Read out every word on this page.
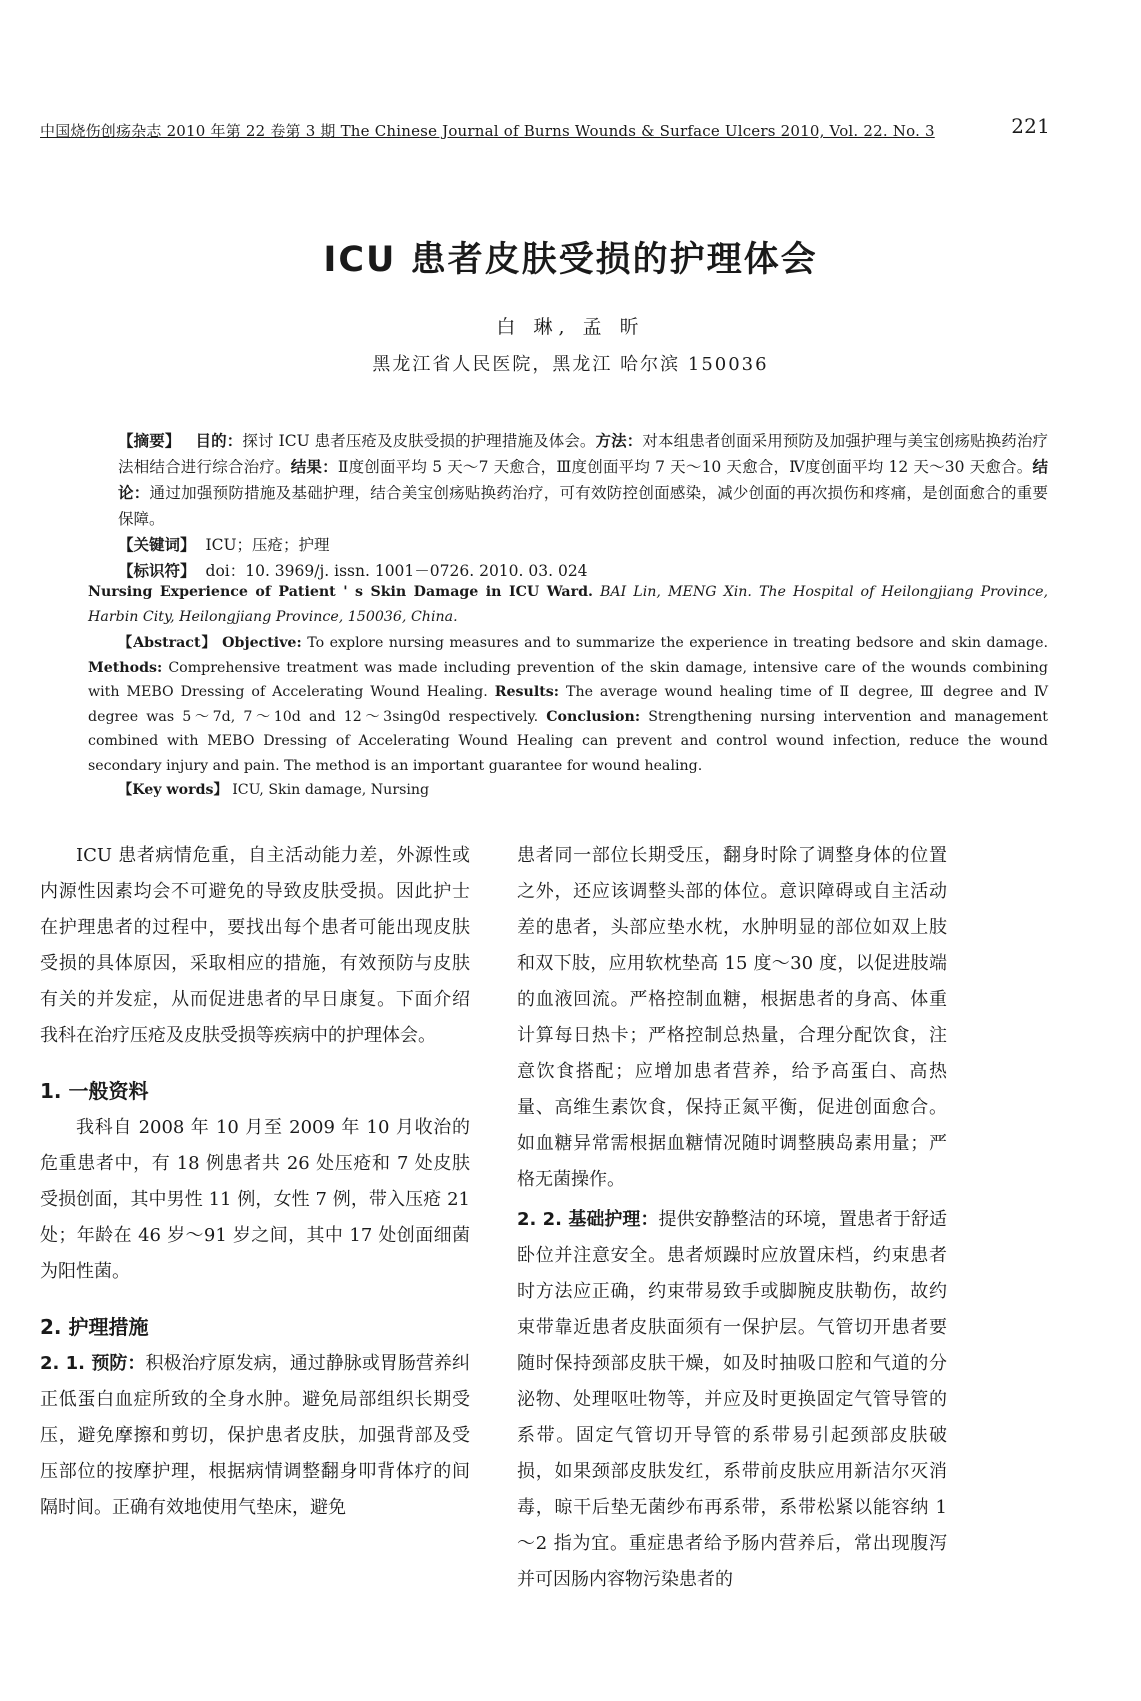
中国烧伤创疡杂志 2010 年第 22 卷第 3 期 The Chinese Journal of Burns Wounds & Surface Ulcers 2010, Vol. 22. No. 3	221
ICU 患者皮肤受损的护理体会
白 琳, 孟 昕
黑龙江省人民医院，黑龙江 哈尔滨 150036
【摘要】 目的：探讨 ICU 患者压疮及皮肤受损的护理措施及体会。方法：对本组患者创面采用预防及加强护理与美宝创疡贴换药治疗法相结合进行综合治疗。结果：Ⅱ度创面平均 5 天～7 天愈合，Ⅲ度创面平均 7 天～10 天愈合，Ⅳ度创面平均 12 天～30 天愈合。结论：通过加强预防措施及基础护理，结合美宝创疡贴换药治疗，可有效防控创面感染，减少创面的再次损伤和疼痛，是创面愈合的重要保障。
【关键词】 ICU；压疮；护理
【标识符】 doi：10. 3969/j. issn. 1001－0726. 2010. 03. 024
Nursing Experience of Patient ' s Skin Damage in ICU Ward. BAI Lin, MENG Xin. The Hospital of Heilongjiang Province, Harbin City, Heilongjiang Province, 150036, China.
【Abstract】 Objective: To explore nursing measures and to summarize the experience in treating bedsore and skin damage. Methods: Comprehensive treatment was made including prevention of the skin damage, intensive care of the wounds combining with MEBO Dressing of Accelerating Wound Healing. Results: The average wound healing time of Ⅱ degree, Ⅲ degree and Ⅳ degree was 5～7d, 7～10d and 12～3sing0d respectively. Conclusion: Strengthening nursing intervention and management combined with MEBO Dressing of Accelerating Wound Healing can prevent and control wound infection, reduce the wound secondary injury and pain. The method is an important guarantee for wound healing.
【Key words】 ICU, Skin damage, Nursing

ICU 患者病情危重，自主活动能力差，外源性或内源性因素均会不可避免的导致皮肤受损。因此护士在护理患者的过程中，要找出每个患者可能出现皮肤受损的具体原因，采取相应的措施，有效预防与皮肤有关的并发症，从而促进患者的早日康复。下面介绍我科在治疗压疮及皮肤受损等疾病中的护理体会。

1. 一般资料

我科自 2008 年 10 月至 2009 年 10 月收治的危重患者中，有 18 例患者共 26 处压疮和 7 处皮肤受损创面，其中男性 11 例，女性 7 例，带入压疮 21 处；年龄在 46 岁～91 岁之间，其中 17 处创面细菌为阳性菌。

2. 护理措施

2. 1. 预防：积极治疗原发病，通过静脉或胃肠营养纠正低蛋白血症所致的全身水肿。避免局部组织长期受压，避免摩擦和剪切，保护患者皮肤，加强背部及受压部位的按摩护理，根据病情调整翻身叩背体疗的间隔时间。正确有效地使用气垫床，避免

患者同一部位长期受压，翻身时除了调整身体的位置之外，还应该调整头部的体位。意识障碍或自主活动差的患者，头部应垫水枕，水肿明显的部位如双上肢和双下肢，应用软枕垫高 15 度～30 度，以促进肢端的血液回流。严格控制血糖，根据患者的身高、体重计算每日热卡；严格控制总热量，合理分配饮食，注意饮食搭配；应增加患者营养，给予高蛋白、高热量、高维生素饮食，保持正氮平衡，促进创面愈合。如血糖异常需根据血糖情况随时调整胰岛素用量；严格无菌操作。

2. 2. 基础护理：提供安静整洁的环境，置患者于舒适卧位并注意安全。患者烦躁时应放置床档，约束患者时方法应正确，约束带易致手或脚腕皮肤勒伤，故约束带靠近患者皮肤面须有一保护层。气管切开患者要随时保持颈部皮肤干燥，如及时抽吸口腔和气道的分泌物、处理呕吐物等，并应及时更换固定气管导管的系带。固定气管切开导管的系带易引起颈部皮肤破损，如果颈部皮肤发红，系带前皮肤应用新洁尔灭消毒，晾干后垫无菌纱布再系带，系带松紧以能容纳 1～2 指为宜。重症患者给予肠内营养后，常出现腹泻并可因肠内容物污染患者的
